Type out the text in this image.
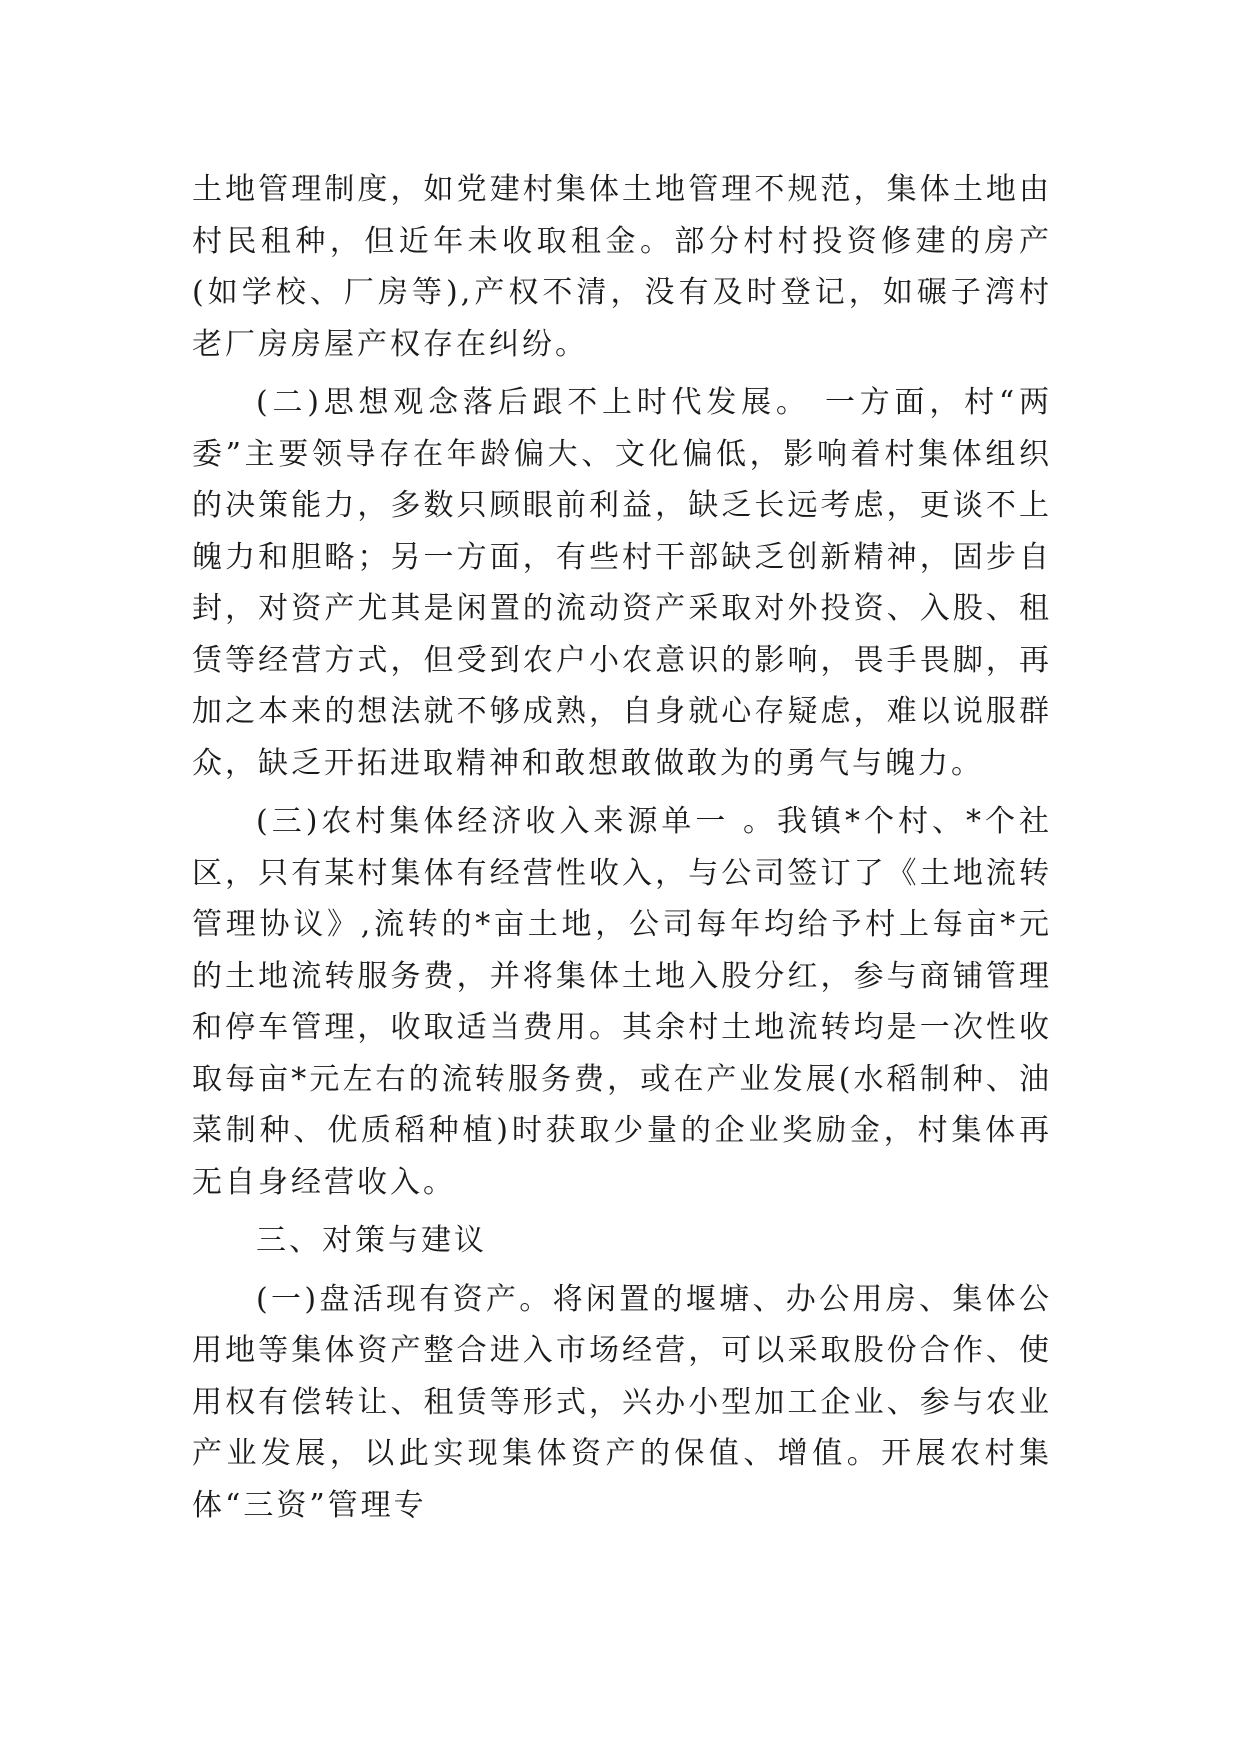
土地管理制度，如党建村集体土地管理不规范，集体土地由村民租种，但近年未收取租金。部分村村投资修建的房产(如学校、厂房等),产权不清，没有及时登记，如碾子湾村老厂房房屋产权存在纠纷。

(二)思想观念落后跟不上时代发展。 一方面，村“两委”主要领导存在年龄偏大、文化偏低，影响着村集体组织的决策能力，多数只顾眼前利益，缺乏长远考虑，更谈不上魄力和胆略；另一方面，有些村干部缺乏创新精神，固步自封，对资产尤其是闲置的流动资产采取对外投资、入股、租赁等经营方式，但受到农户小农意识的影响，畏手畏脚，再加之本来的想法就不够成熟，自身就心存疑虑，难以说服群众，缺乏开拓进取精神和敢想敢做敢为的勇气与魄力。

(三)农村集体经济收入来源单一 。我镇*个村、*个社区，只有某村集体有经营性收入，与公司签订了《土地流转管理协议》,流转的*亩土地，公司每年均给予村上每亩*元的土地流转服务费，并将集体土地入股分红，参与商铺管理和停车管理，收取适当费用。其余村土地流转均是一次性收取每亩*元左右的流转服务费，或在产业发展(水稻制种、油菜制种、优质稻种植)时获取少量的企业奖励金，村集体再无自身经营收入。

三、对策与建议

(一)盘活现有资产。将闲置的堰塘、办公用房、集体公用地等集体资产整合进入市场经营，可以采取股份合作、使用权有偿转让、租赁等形式，兴办小型加工企业、参与农业产业发展，以此实现集体资产的保值、增值。开展农村集体“三资”管理专
